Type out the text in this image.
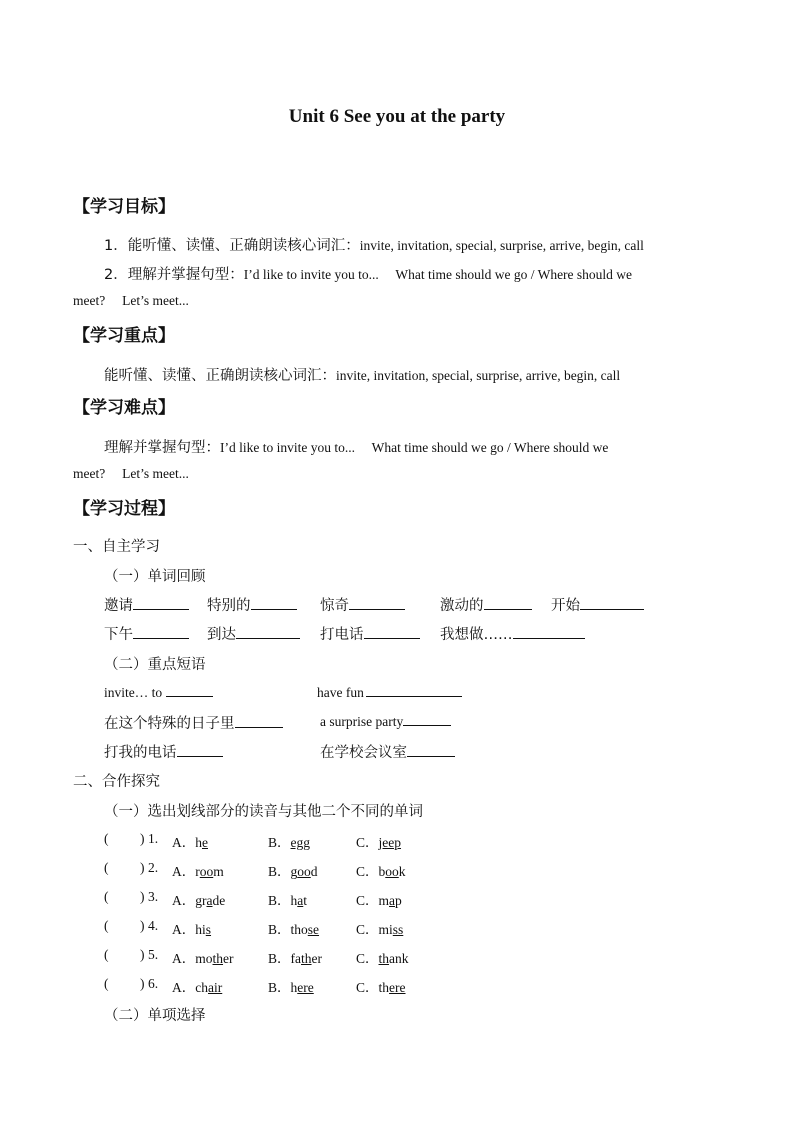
Unit 6 See you at the party
【学习目标】
1．能听懂、读懂、正确朗读核心词汇：invite, invitation, special, surprise, arrive, begin, call
2．理解并掌握句型：I’d like to invite you to...     What time should we go / Where should we
meet?     Let’s meet...
【学习重点】
能听懂、读懂、正确朗读核心词汇：invite, invitation, special, surprise, arrive, begin, call
【学习难点】
理解并掌握句型：I’d like to invite you to...     What time should we go / Where should we
meet?     Let’s meet...
【学习过程】
一、自主学习
（一）单词回顾
邀请	特别的	惊奇	激动的	开始
下午	到达	打电话	我想做……
（二）重点短语
invite… to	have fun
在这个特殊的日子里	a surprise party
打我的电话	在学校会议室
二、合作探究
（一）选出划线部分的读音与其他二个不同的单词
( ) 1. A．he	B．egg	C．jeep
( ) 2. A．room	B．good	C．book
( ) 3. A．grade	B．hat	C．map
( ) 4. A．his	B．those	C．miss
( ) 5. A．mother	B．father	C．thank
( ) 6. A．chair	B．here	C．there
（二）单项选择
